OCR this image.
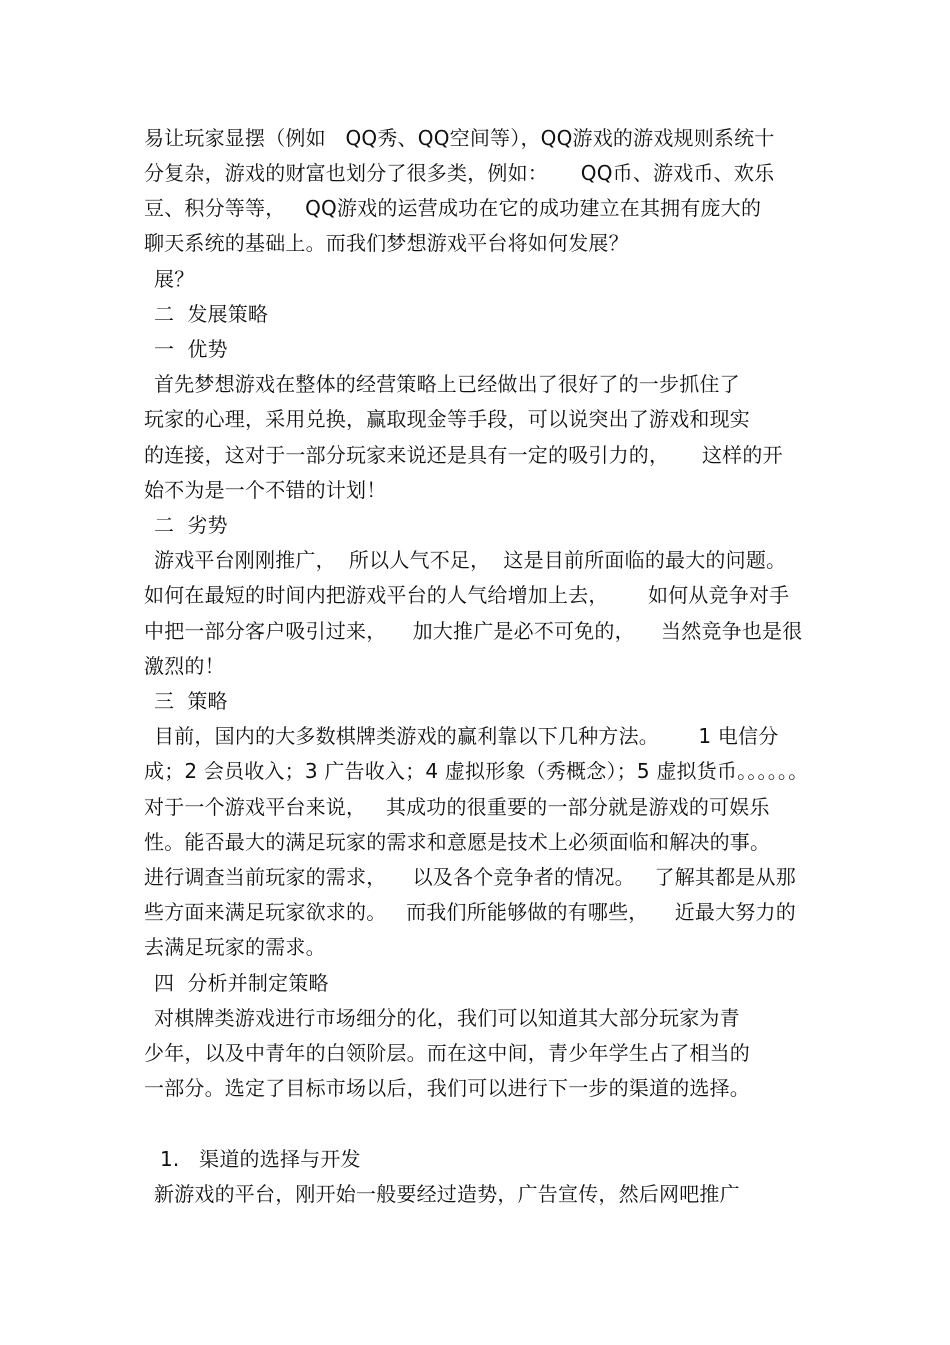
易让玩家显摆（例如   QQ秀、QQ空间等），QQ游戏的游戏规则系统十
分复杂，游戏的财富也划分了很多类，例如：     QQ币、游戏币、欢乐
豆、积分等等，   QQ游戏的运营成功在它的成功建立在其拥有庞大的
聊天系统的基础上。而我们梦想游戏平台将如何发展？
展？
二  发展策略
一  优势
首先梦想游戏在整体的经营策略上已经做出了很好了的一步抓住了
玩家的心理，采用兑换，赢取现金等手段，可以说突出了游戏和现实
的连接，这对于一部分玩家来说还是具有一定的吸引力的，     这样的开
始不为是一个不错的计划！
二  劣势
游戏平台刚刚推广，  所以人气不足，  这是目前所面临的最大的问题。
如何在最短的时间内把游戏平台的人气给增加上去，      如何从竞争对手
中把一部分客户吸引过来，    加大推广是必不可免的，    当然竞争也是很
激烈的！
三  策略
目前，国内的大多数棋牌类游戏的赢利靠以下几种方法。      1 电信分
成；2 会员收入；3 广告收入；4 虚拟形象（秀概念）；5 虚拟货币。。。。。。
对于一个游戏平台来说，   其成功的很重要的一部分就是游戏的可娱乐
性。能否最大的满足玩家的需求和意愿是技术上必须面临和解决的事。
进行调查当前玩家的需求，    以及各个竞争者的情况。   了解其都是从那
些方面来满足玩家欲求的。   而我们所能够做的有哪些，    近最大努力的
去满足玩家的需求。
四  分析并制定策略
对棋牌类游戏进行市场细分的化，我们可以知道其大部分玩家为青
少年，以及中青年的白领阶层。而在这中间，青少年学生占了相当的
一部分。选定了目标市场以后，我们可以进行下一步的渠道的选择。
1.   渠道的选择与开发
新游戏的平台，刚开始一般要经过造势，广告宣传，然后网吧推广
